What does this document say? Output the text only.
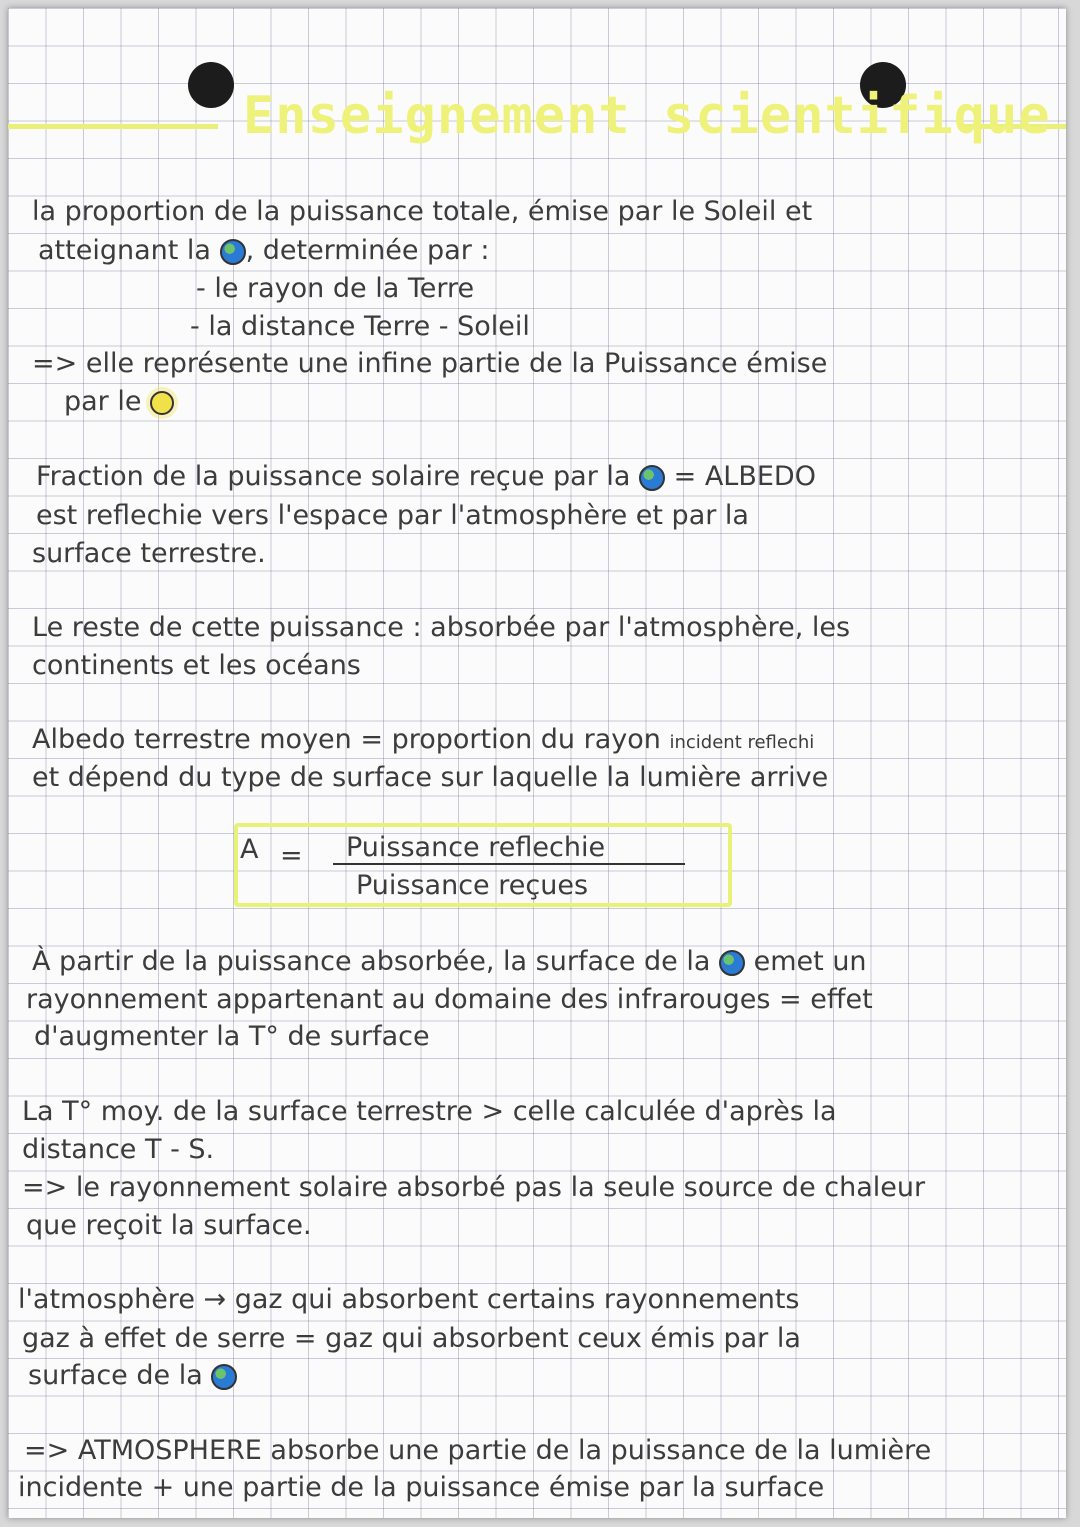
Enseignement scientifique
la proportion de la puissance totale, émise par le Soleil et
atteignant la , determinée par :
- le rayon de la Terre
- la distance Terre - Soleil
=> elle représente une infine partie de la Puissance émise
par le
Fraction de la puissance solaire reçue par la = ALBEDO
est reflechie vers l'espace par l'atmosphère et par la
surface terrestre.
Le reste de cette puissance : absorbée par l'atmosphère, les
continents et les océans
Albedo terrestre moyen = proportion du rayon incident reflechi
et dépend du type de surface sur laquelle la lumière arrive
A = Puissance reflechie
Puissance reçues
À partir de la puissance absorbée, la surface de la emet un
rayonnement appartenant au domaine des infrarouges = effet
d'augmenter la T° de surface
La T° moy. de la surface terrestre > celle calculée d'après la
distance T - S.
=> le rayonnement solaire absorbé pas la seule source de chaleur
que reçoit la surface.
l'atmosphère → gaz qui absorbent certains rayonnements
gaz à effet de serre = gaz qui absorbent ceux émis par la
surface de la
=> ATMOSPHERE absorbe une partie de la puissance de la lumière
incidente + une partie de la puissance émise par la surface
